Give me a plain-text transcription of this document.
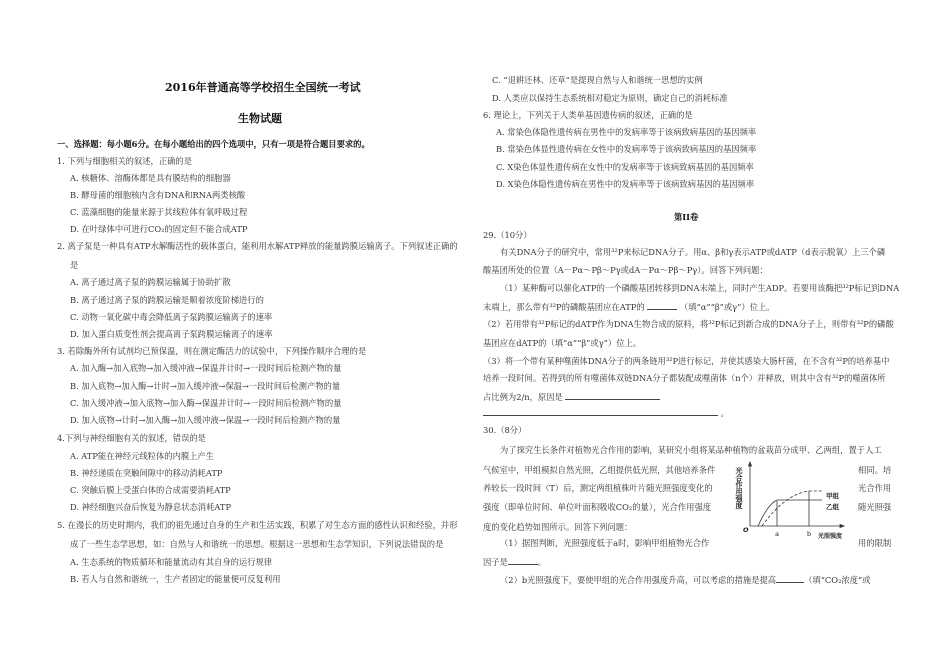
2016年普通高等学校招生全国统一考试
生物试题
一、选择题：每小题6分。在每小题给出的四个选项中，只有一项是符合题目要求的。
1. 下列与细胞相关的叙述，正确的是
A. 核糖体、溶酶体都是具有膜结构的细胞器
B. 酵母菌的细胞核内含有DNA和RNA两类核酸
C. 蓝藻细胞的能量来源于其线粒体有氧呼吸过程
D. 在叶绿体中可进行CO₂的固定但不能合成ATP
2. 离子泵是一种具有ATP水解酶活性的载体蛋白，能利用水解ATP释放的能量跨膜运输离子。下列叙述正确的
是
A. 离子通过离子泵的跨膜运输属于协助扩散
B. 离子通过离子泵的跨膜运输是顺着浓度阶梯进行的
C. 动物一氧化碳中毒会降低离子泵跨膜运输离子的速率
D. 加入蛋白质变性剂会提高离子泵跨膜运输离子的速率
3. 若除酶外所有试剂均已预保温，则在测定酶活力的试验中，下列操作顺序合理的是
A. 加入酶→加入底物→加入缓冲液→保温并计时→一段时间后检测产物的量
B. 加入底物→加入酶→计时→加入缓冲液→保温→一段时间后检测产物的量
C. 加入缓冲液→加入底物→加入酶→保温并计时→一段时间后检测产物的量
D. 加入底物→计时→加入酶→加入缓冲液→保温→一段时间后检测产物的量
4.下列与神经细胞有关的叙述，错误的是
A. ATP能在神经元线粒体的内膜上产生
B. 神经递质在突触间隙中的移动消耗ATP
C. 突触后膜上受蛋白体的合成需要消耗ATP
D. 神经细胞兴奋后恢复为静息状态消耗ATP
5. 在漫长的历史时期内，我们的祖先通过自身的生产和生活实践，积累了对生态方面的感性认识和经验，并形
成了一些生态学思想，如：自然与人和谐统一的思想。根据这一思想和生态学知识，下列说法错误的是
A. 生态系统的物质循环和能量流动有其自身的运行规律
B. 若人与自然和谐统一，生产者固定的能量便可反复利用
C. “退耕还林、还草”是提现自然与人和谐统一思想的实例
D. 人类应以保持生态系统相对稳定为原则，确定自己的消耗标准
6. 理论上，下列关于人类单基因遗传病的叙述，正确的是
A. 常染色体隐性遗传病在男性中的发病率等于该病致病基因的基因频率
B. 常染色体显性遗传病在女性中的发病率等于该病致病基因的基因频率
C. X染色体显性遗传病在女性中的发病率等于该病致病基因的基因频率
D. X染色体隐性遗传病在男性中的发病率等于该病致病基因的基因频率
第II卷
29.（10分）
有关DNA分子的研究中，常用³²P来标记DNA分子。用α、β和γ表示ATP或dATP（d表示脱氧）上三个磷
酸基团所处的位置（A－Pα～Pβ～Pγ或dA－Pα～Pβ～Pγ）。回答下列问题：
（1）某种酶可以催化ATP的一个磷酸基团转移到DNA末端上，同时产生ADP。若要用该酶把³²P标记到DNA
末端上，那么带有³²P的磷酸基团应在ATP的	（填“α”“β”或γ”）位上。
（2）若用带有³²P标记的dATP作为DNA生物合成的原料，将³²P标记到新合成的DNA分子上，则带有³²P的磷酸
基团应在dATP的（填“α”“β”或γ”）位上。
（3）将一个带有某种噬菌体DNA分子的两条链用³²P进行标记，并使其感染大肠杆菌，在不含有³²P的培养基中
培养一段时间。若得到的所有噬菌体双链DNA分子都装配成噬菌体（n个）并释放，则其中含有³²P的噬菌体所
占比例为2/n，原因是
。
30.（8分）
为了探究生长条件对植物光合作用的影响，某研究小组将某品种植物的盆栽苗分成甲、乙两组，置于人工
气候室中，甲组模拟自然光照，乙组提供低光照，其他培养条件	相同。培
养较长一段时间（T）后，测定两组植株叶片随光照强度变化的	光合作用
强度（即单位时间、单位叶面积吸收CO₂的量），光合作用强度	随光照强
度的变化趋势如图所示。回答下列问题：
（1）据图判断，光照强度低于a时，影响甲组植物光合作	用的限制
因子是	。
（2）b光照强度下，要使甲组的光合作用强度升高，可以考虑的措施是提高	（填“CO₂浓度”或
光合作用强度
O	a	b 光照强度
甲组
乙组
